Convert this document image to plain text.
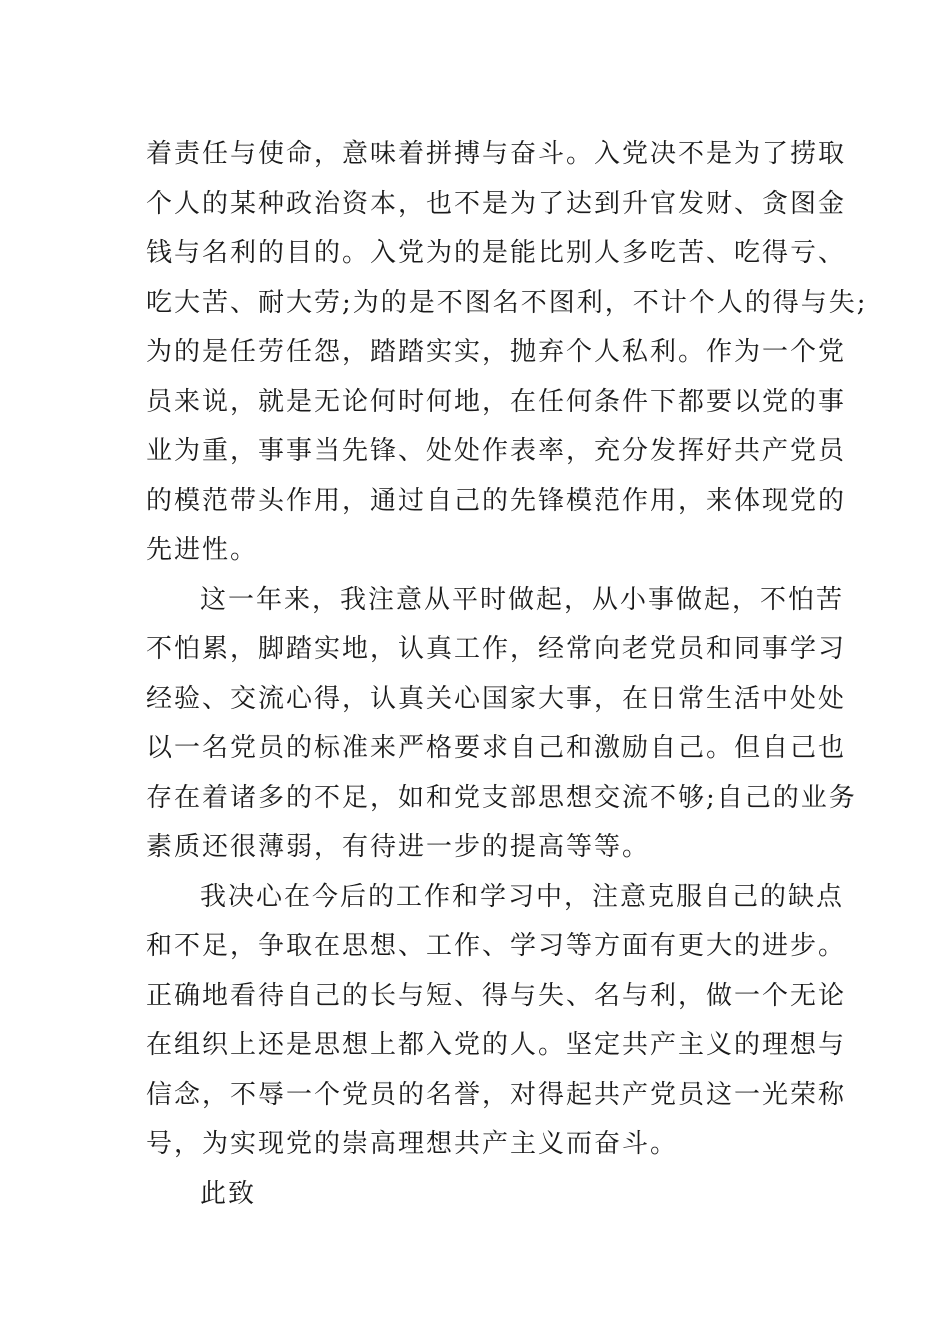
着责任与使命，意味着拼搏与奋斗。入党决不是为了捞取
个人的某种政治资本，也不是为了达到升官发财、贪图金
钱与名利的目的。入党为的是能比别人多吃苦、吃得亏、
吃大苦、耐大劳;为的是不图名不图利，不计个人的得与失;
为的是任劳任怨，踏踏实实，抛弃个人私利。作为一个党
员来说，就是无论何时何地，在任何条件下都要以党的事
业为重，事事当先锋、处处作表率，充分发挥好共产党员
的模范带头作用，通过自己的先锋模范作用，来体现党的
先进性。
这一年来，我注意从平时做起，从小事做起，不怕苦
不怕累，脚踏实地，认真工作，经常向老党员和同事学习
经验、交流心得，认真关心国家大事，在日常生活中处处
以一名党员的标准来严格要求自己和激励自己。但自己也
存在着诸多的不足，如和党支部思想交流不够;自己的业务
素质还很薄弱，有待进一步的提高等等。
我决心在今后的工作和学习中，注意克服自己的缺点
和不足，争取在思想、工作、学习等方面有更大的进步。
正确地看待自己的长与短、得与失、名与利，做一个无论
在组织上还是思想上都入党的人。坚定共产主义的理想与
信念，不辱一个党员的名誉，对得起共产党员这一光荣称
号，为实现党的崇高理想共产主义而奋斗。
此致
